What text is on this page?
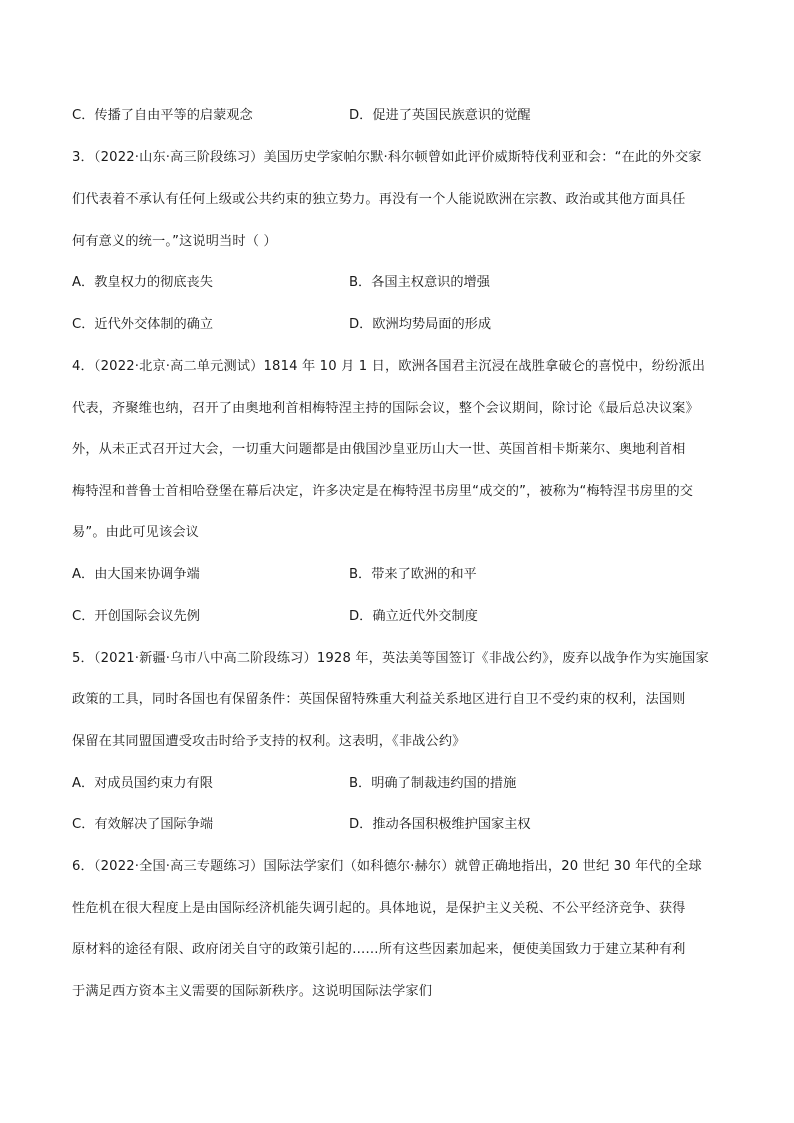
C．传播了自由平等的启蒙观念	D．促进了英国民族意识的觉醒
3．（2022·山东·高三阶段练习）美国历史学家帕尔默·科尔顿曾如此评价威斯特伐利亚和会：“在此的外交家
们代表着不承认有任何上级或公共约束的独立势力。再没有一个人能说欧洲在宗教、政治或其他方面具任
何有意义的统一。”这说明当时（ ）
A．教皇权力的彻底丧失	B．各国主权意识的增强
C．近代外交体制的确立	D．欧洲均势局面的形成
4．（2022·北京·高二单元测试）1814 年 10 月 1 日，欧洲各国君主沉浸在战胜拿破仑的喜悦中，纷纷派出
代表，齐聚维也纳，召开了由奥地利首相梅特涅主持的国际会议，整个会议期间，除讨论《最后总决议案》
外，从未正式召开过大会，一切重大问题都是由俄国沙皇亚历山大一世、英国首相卡斯莱尔、奥地利首相
梅特涅和普鲁士首相哈登堡在幕后决定，许多决定是在梅特涅书房里“成交的”，被称为“梅特涅书房里的交
易”。由此可见该会议
A．由大国来协调争端	B．带来了欧洲的和平
C．开创国际会议先例	D．确立近代外交制度
5．（2021·新疆·乌市八中高二阶段练习）1928 年，英法美等国签订《非战公约》，废弃以战争作为实施国家
政策的工具，同时各国也有保留条件：英国保留特殊重大利益关系地区进行自卫不受约束的权利，法国则
保留在其同盟国遭受攻击时给予支持的权利。这表明，《非战公约》
A．对成员国约束力有限	B．明确了制裁违约国的措施
C．有效解决了国际争端	D．推动各国积极维护国家主权
6．（2022·全国·高三专题练习）国际法学家们（如科德尔·赫尔）就曾正确地指出，20 世纪 30 年代的全球
性危机在很大程度上是由国际经济机能失调引起的。具体地说，是保护主义关税、不公平经济竞争、获得
原材料的途径有限、政府闭关自守的政策引起的……所有这些因素加起来，便使美国致力于建立某种有利
于满足西方资本主义需要的国际新秩序。这说明国际法学家们
